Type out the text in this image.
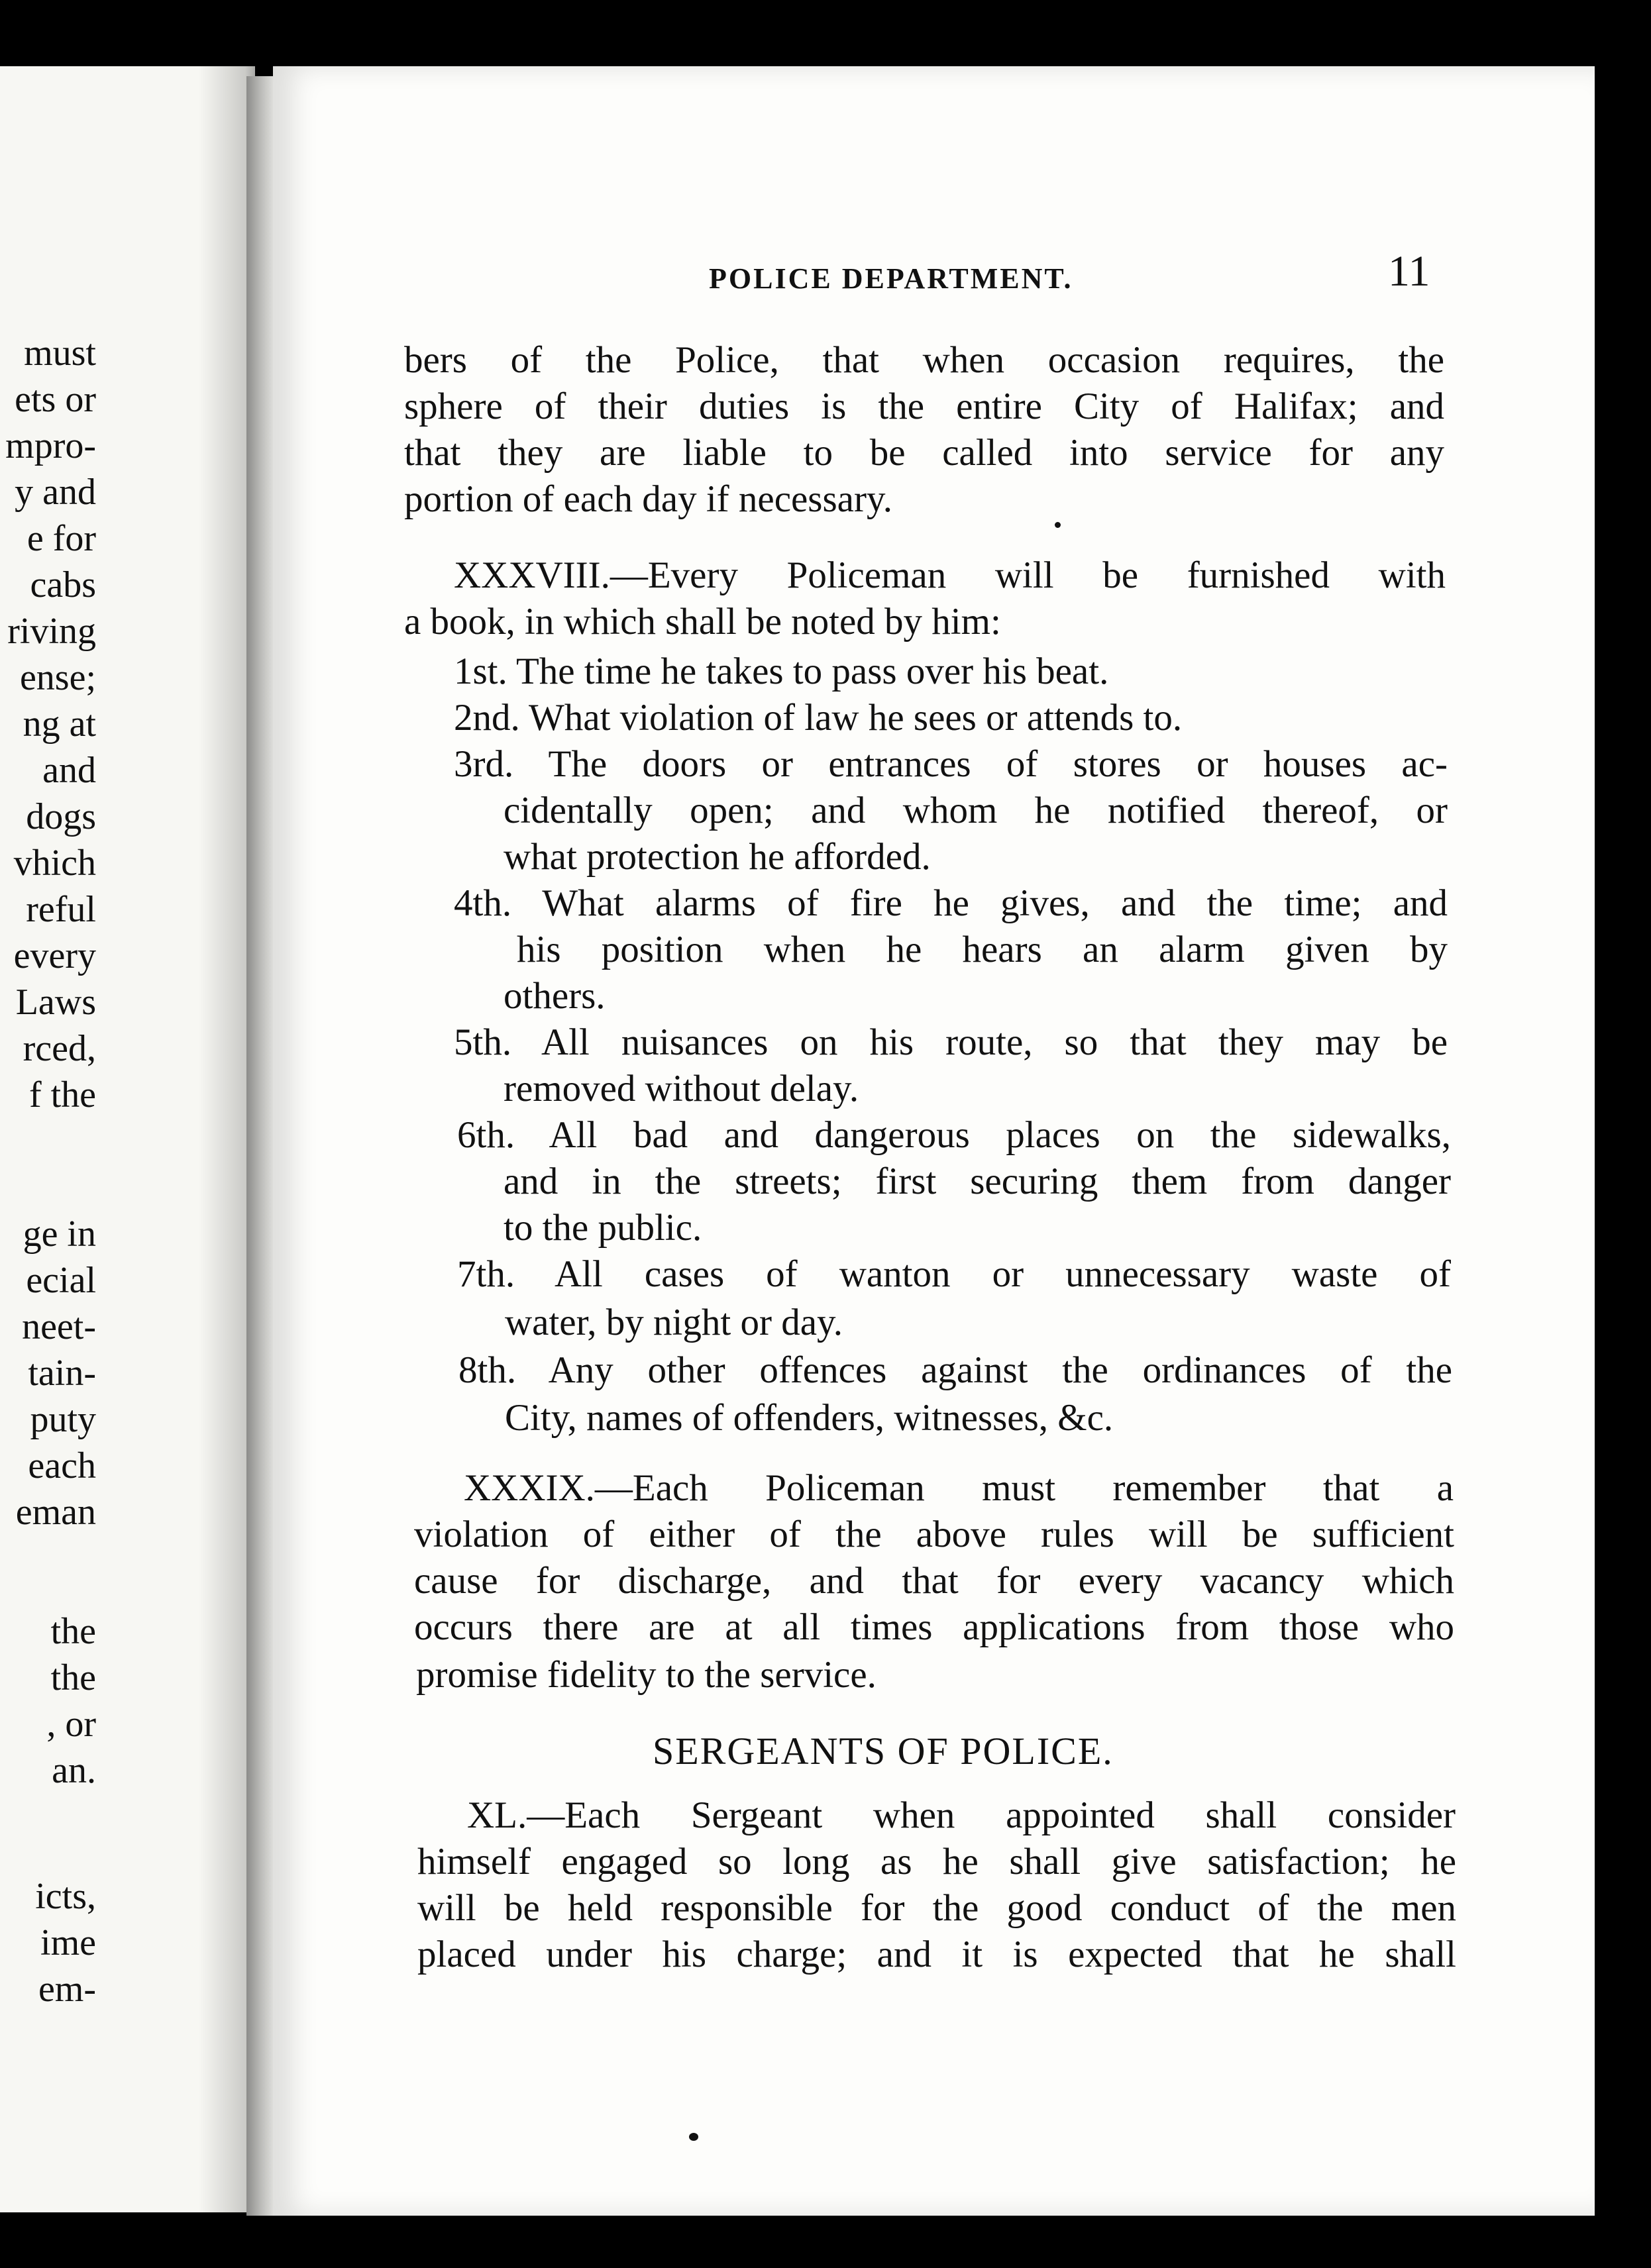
must

ets or

mpro-

y and

e for

cabs

riving

ense;

ng at

and

dogs

vhich

reful

every

Laws

rced,

f the

ge in

ecial

neet-

tain-

puty

each

eman

the

the

, or

an.

icts,

ime

em-

POLICE DEPARTMENT.	11

bers of the Police, that when occasion requires, the

sphere of their duties is the entire City of Halifax; and

that they are liable to be called into service for any

portion of each day if necessary.

XXXVIII.—Every Policeman will be furnished with

a book, in which shall be noted by him:

1st. The time he takes to pass over his beat.

2nd. What violation of law he sees or attends to.

3rd. The doors or entrances of stores or houses ac-

cidentally open; and whom he notified thereof, or

what protection he afforded.

4th. What alarms of fire he gives, and the time; and

his position when he hears an alarm given by

others.

5th. All nuisances on his route, so that they may be

removed without delay.

6th. All bad and dangerous places on the sidewalks,

and in the streets; first securing them from danger

to the public.

7th. All cases of wanton or unnecessary waste of

water, by night or day.

8th. Any other offences against the ordinances of the

City, names of offenders, witnesses, &c.

XXXIX.—Each Policeman must remember that a

violation of either of the above rules will be sufficient

cause for discharge, and that for every vacancy which

occurs there are at all times applications from those who

promise fidelity to the service.

SERGEANTS OF POLICE.

XL.—Each Sergeant when appointed shall consider

himself engaged so long as he shall give satisfaction; he

will be held responsible for the good conduct of the men

placed under his charge; and it is expected that he shall
